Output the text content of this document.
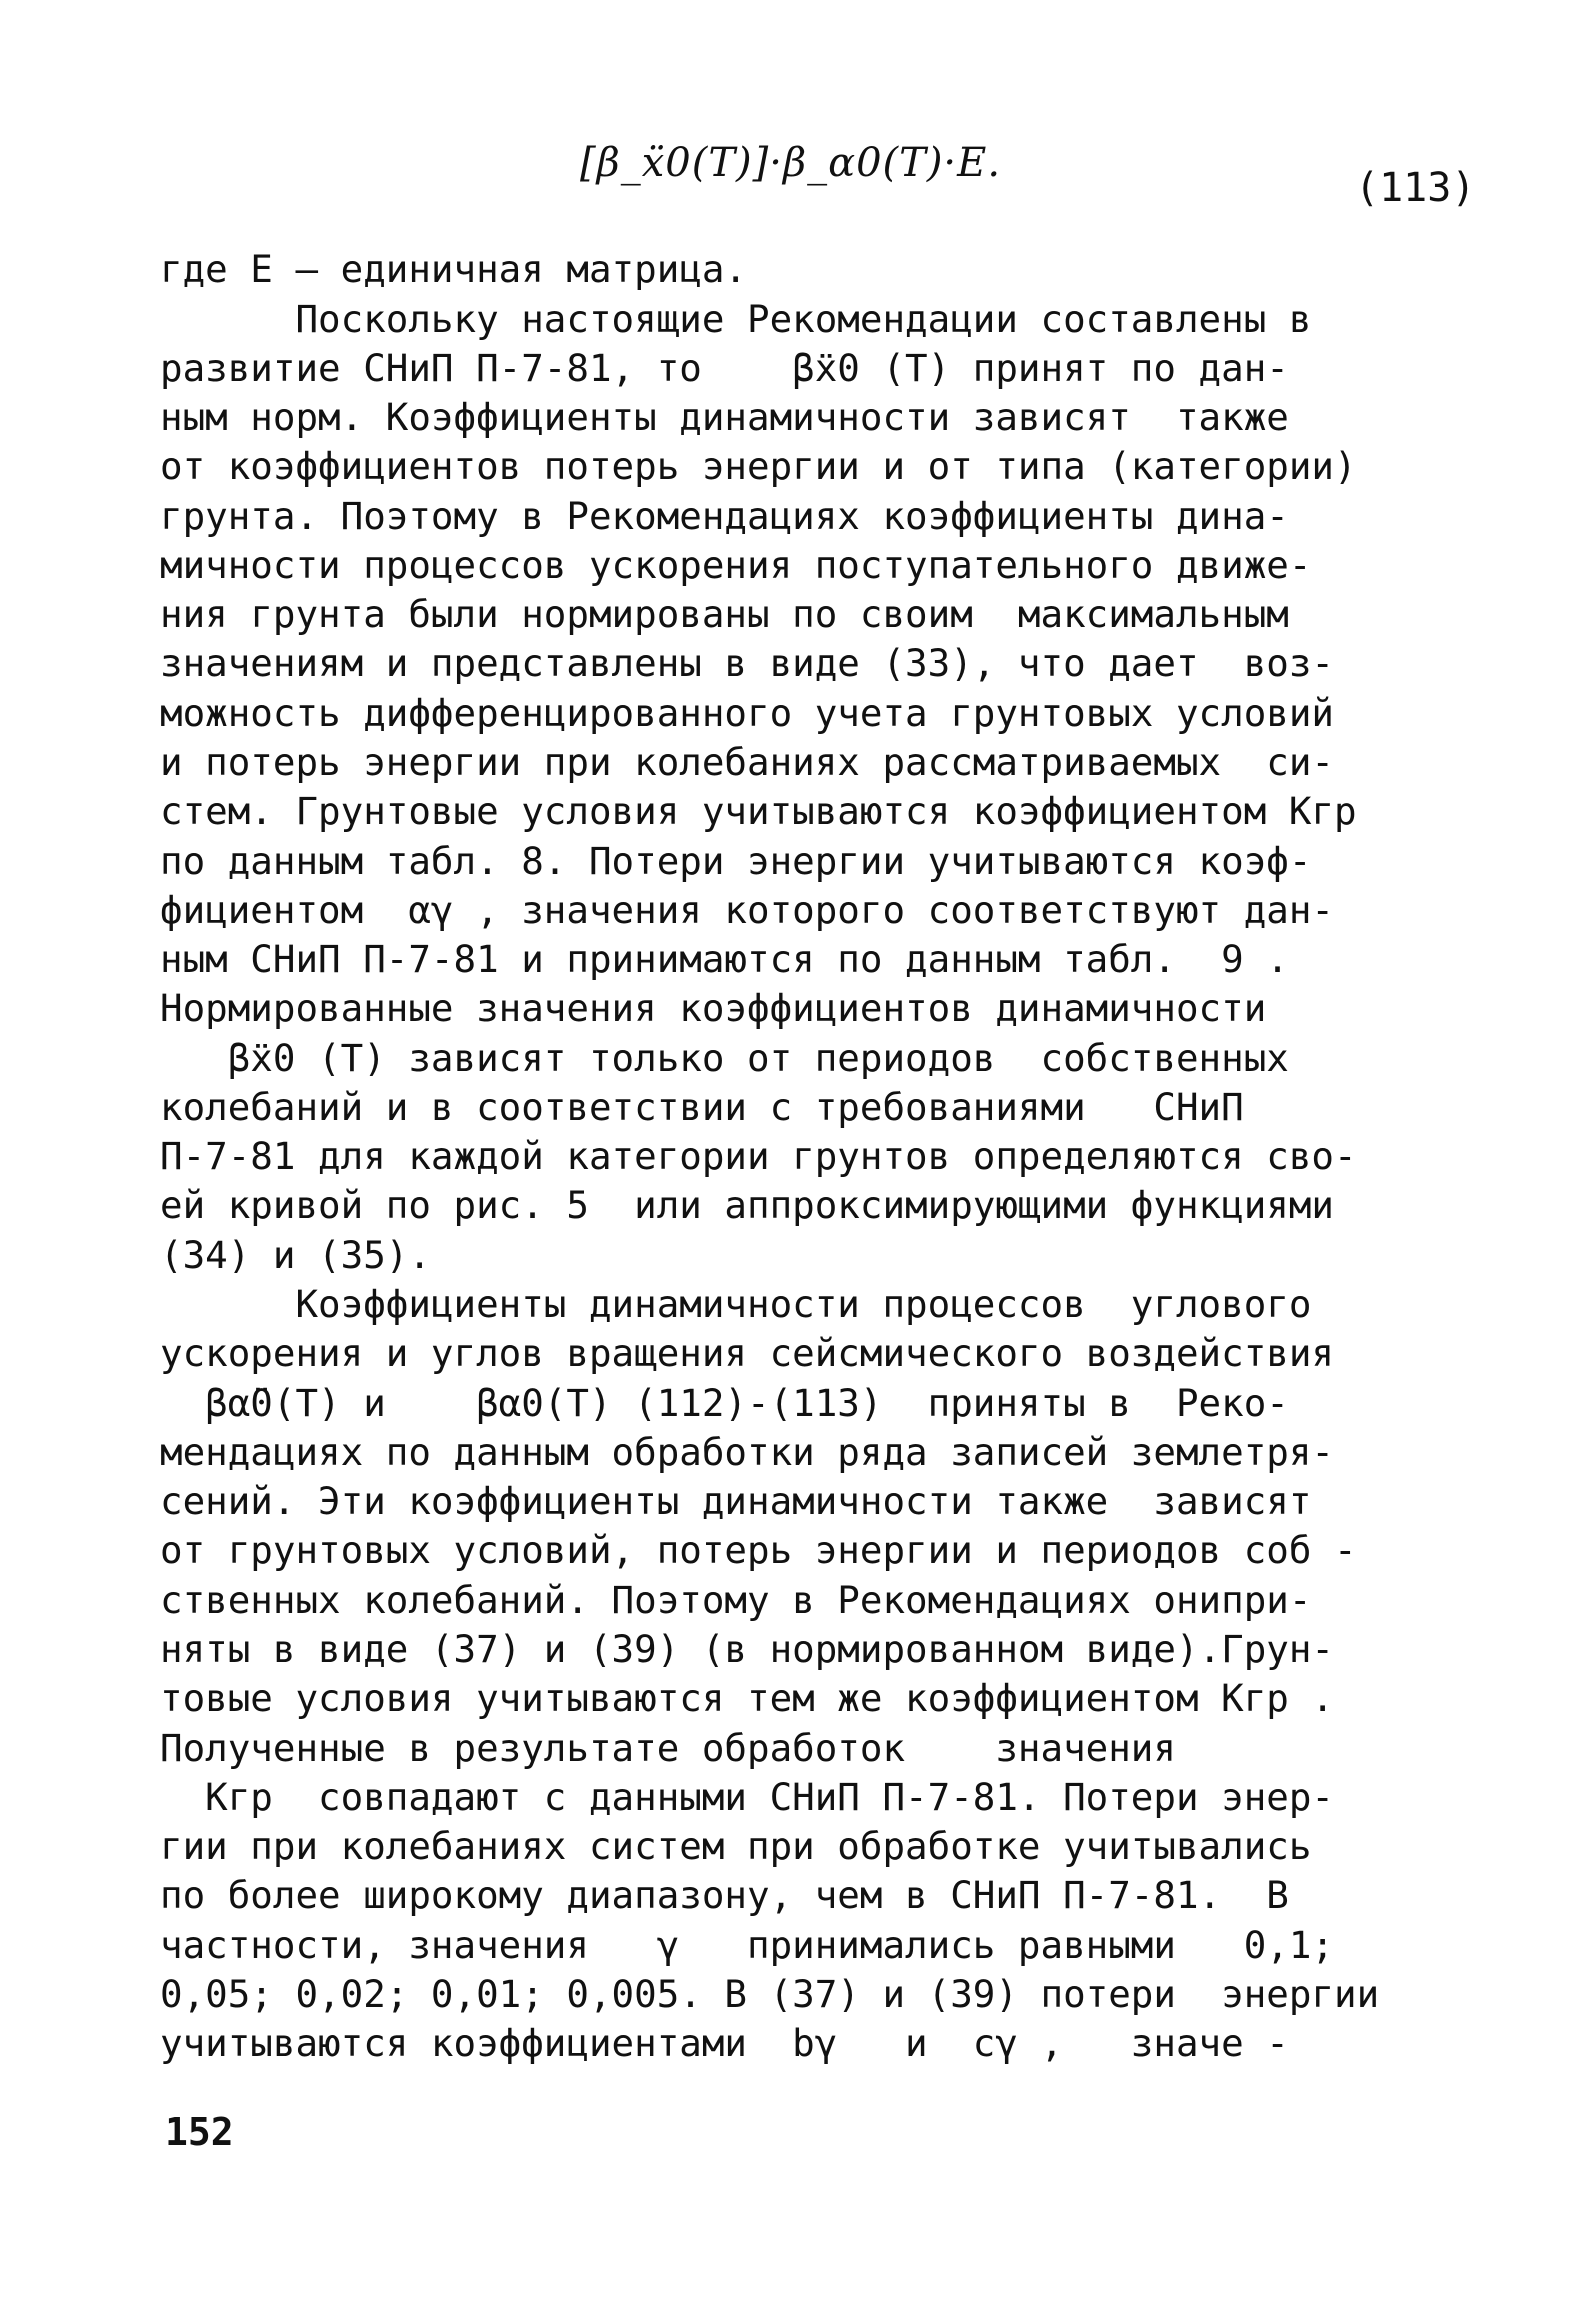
[β_ẍ0(T)]·β_α0(T)·E.
(113)
где Е – единичная матрица.
Поскольку настоящие Рекомендации составлены в
развитие СНиП П-7-81, то    βẍ0 (Т) принят по дан-
ным норм. Коэффициенты динамичности зависят  также
от коэффициентов потерь энергии и от типа (категории)
грунта. Поэтому в Рекомендациях коэффициенты дина-
мичности процессов ускорения поступательного движе-
ния грунта были нормированы по своим  максимальным
значениям и представлены в виде (33), что дает  воз-
можность дифференцированного учета грунтовых условий
и потерь энергии при колебаниях рассматриваемых  си-
стем. Грунтовые условия учитываются коэффициентом Кгр
по данным табл. 8. Потери энергии учитываются коэф-
фициентом  αγ , значения которого соответствуют дан-
ным СНиП П-7-81 и принимаются по данным табл.  9 .
Нормированные значения коэффициентов динамичности
βẍ0 (Т) зависят только от периодов  собственных
колебаний и в соответствии с требованиями   СНиП
П-7-81 для каждой категории грунтов определяются сво-
ей кривой по рис. 5  или аппроксимирующими функциями
(34) и (35).
Коэффициенты динамичности процессов  углового
ускорения и углов вращения сейсмического воздействия
βα̈0(Т) и    βα0(Т) (112)-(113)  приняты в  Реко-
мендациях по данным обработки ряда записей землетря-
сений. Эти коэффициенты динамичности также  зависят
от грунтовых условий, потерь энергии и периодов соб -
ственных колебаний. Поэтому в Рекомендациях онипри-
няты в виде (37) и (39) (в нормированном виде).Грун-
товые условия учитываются тем же коэффициентом Кгр .
Полученные в результате обработок    значения
Кгр  совпадают с данными СНиП П-7-81. Потери энер-
гии при колебаниях систем при обработке учитывались
по более широкому диапазону, чем в СНиП П-7-81.  В
частности, значения   γ   принимались равными   0,1;
0,05; 0,02; 0,01; 0,005. В (37) и (39) потери  энергии
учитываются коэффициентами  bγ   и  cγ ,   значе -
152
